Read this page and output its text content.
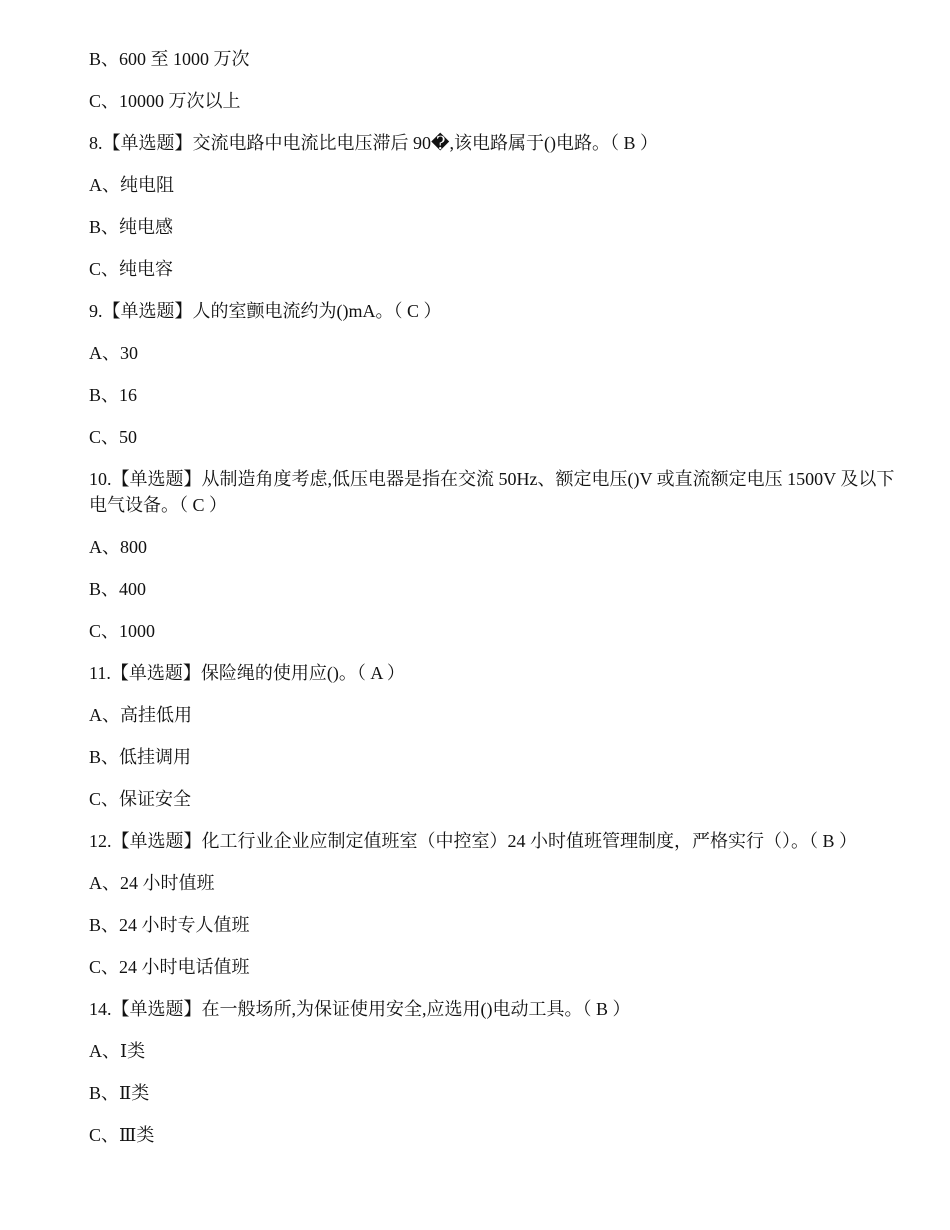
B、600 至 1000 万次

C、10000 万次以上

8.【单选题】交流电路中电流比电压滞后 90�,该电路属于()电路。（ B ）

A、纯电阻

B、纯电感

C、纯电容

9.【单选题】人的室颤电流约为()mA。（ C ）

A、30

B、16

C、50

10.【单选题】从制造角度考虑,低压电器是指在交流 50Hz、额定电压()V 或直流额定电压 1500V 及以下电气设备。（ C ）

A、800

B、400

C、1000

11.【单选题】保险绳的使用应()。（ A ）

A、高挂低用

B、低挂调用

C、保证安全

12.【单选题】化工行业企业应制定值班室（中控室）24 小时值班管理制度，严格实行（）。（ B ）

A、24 小时值班

B、24 小时专人值班

C、24 小时电话值班

14.【单选题】在一般场所,为保证使用安全,应选用()电动工具。（ B ）

A、Ⅰ类

B、Ⅱ类

C、Ⅲ类
